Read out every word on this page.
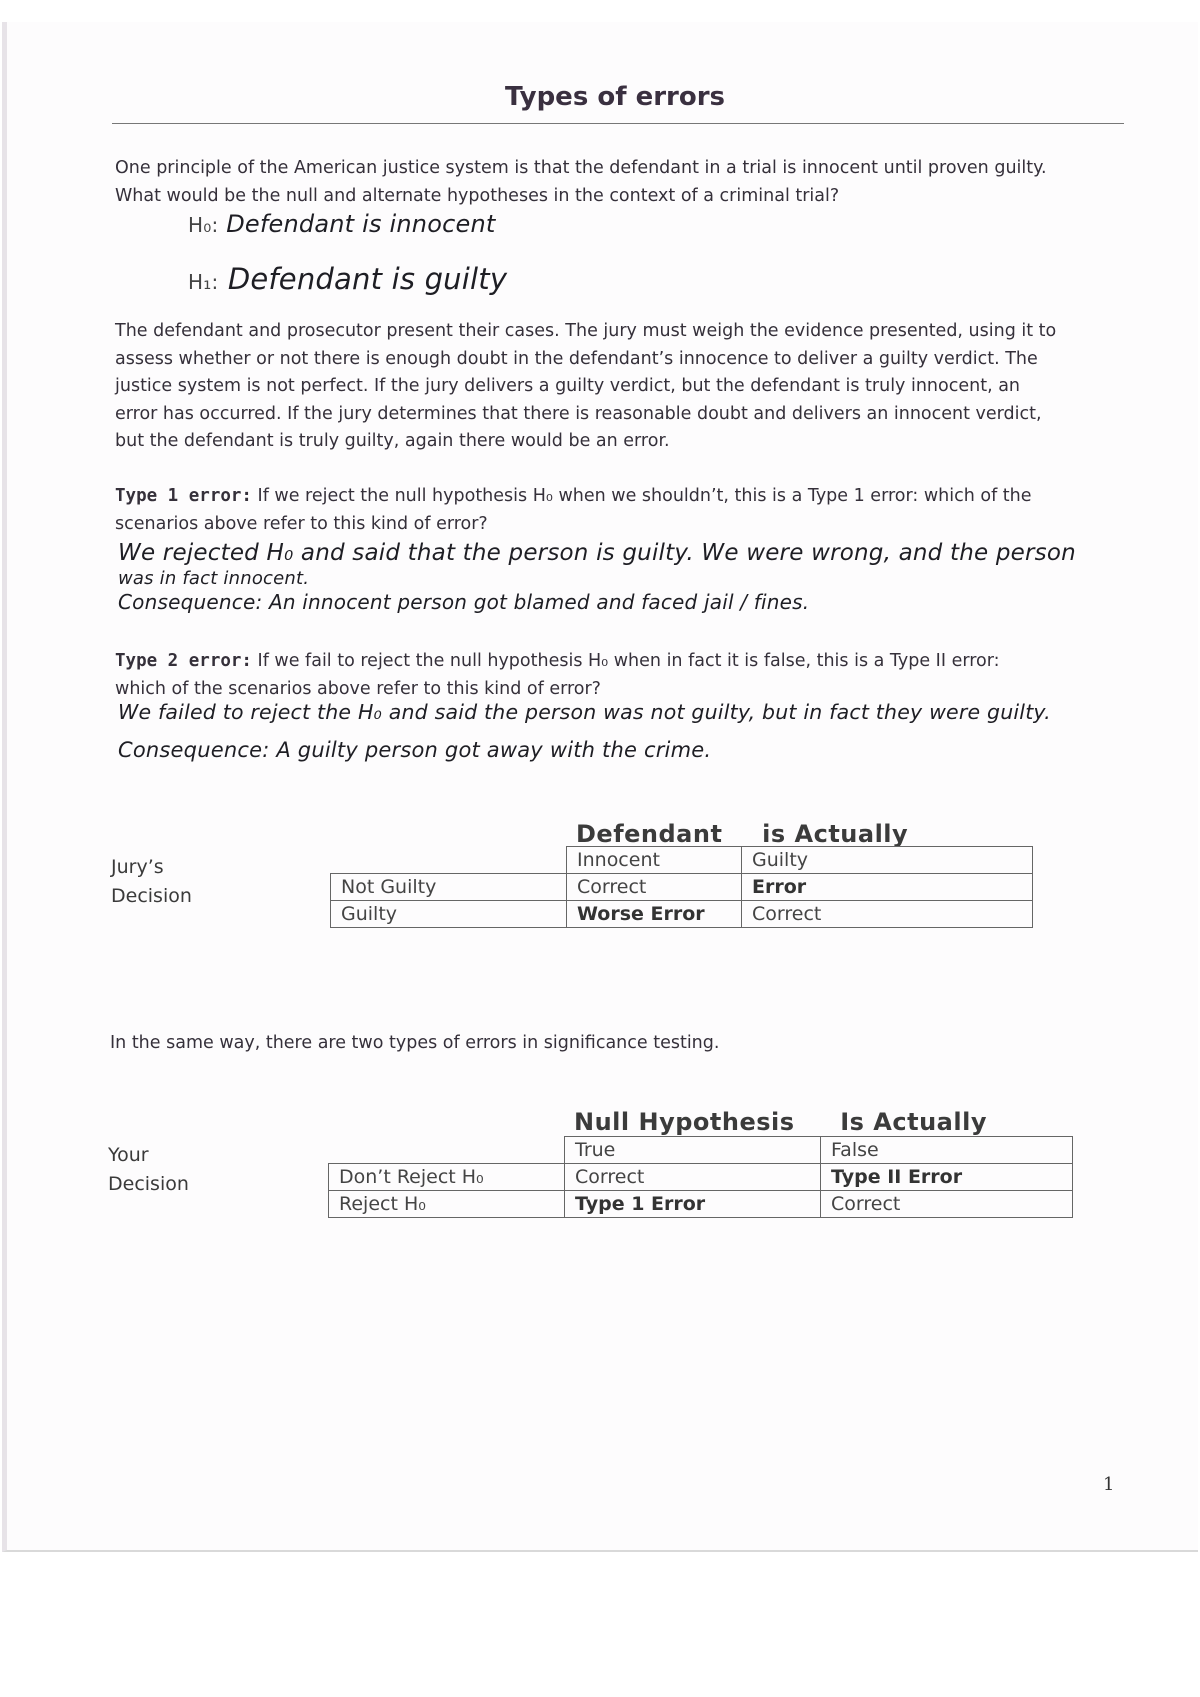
Types of errors
One principle of the American justice system is that the defendant in a trial is innocent until proven guilty.
What would be the null and alternate hypotheses in the context of a criminal trial?
H₀: Defendant is innocent
H₁: Defendant is guilty
The defendant and prosecutor present their cases. The jury must weigh the evidence presented, using it to
assess whether or not there is enough doubt in the defendant’s innocence to deliver a guilty verdict. The
justice system is not perfect. If the jury delivers a guilty verdict, but the defendant is truly innocent, an
error has occurred. If the jury determines that there is reasonable doubt and delivers an innocent verdict,
but the defendant is truly guilty, again there would be an error.
Type 1 error: If we reject the null hypothesis H₀ when we shouldn’t, this is a Type 1 error: which of the
scenarios above refer to this kind of error?
We rejected H₀ and said that the person is guilty. We were wrong, and the person
was in fact innocent.
Consequence: An innocent person got blamed and faced jail / fines.
Type 2 error: If we fail to reject the null hypothesis H₀ when in fact it is false, this is a Type II error:
which of the scenarios above refer to this kind of error?
We failed to reject the H₀ and said the person was not guilty, but in fact they were guilty.
Consequence: A guilty person got away with the crime.
Defendant is Actually
Jury’s
Decision
	Innocent	Guilty
Not Guilty	Correct	Error
Guilty	Worse Error	Correct
In the same way, there are two types of errors in significance testing.
Null Hypothesis Is Actually
Your
Decision
	True	False
Don’t Reject H₀	Correct	Type II Error
Reject H₀	Type 1 Error	Correct
1
